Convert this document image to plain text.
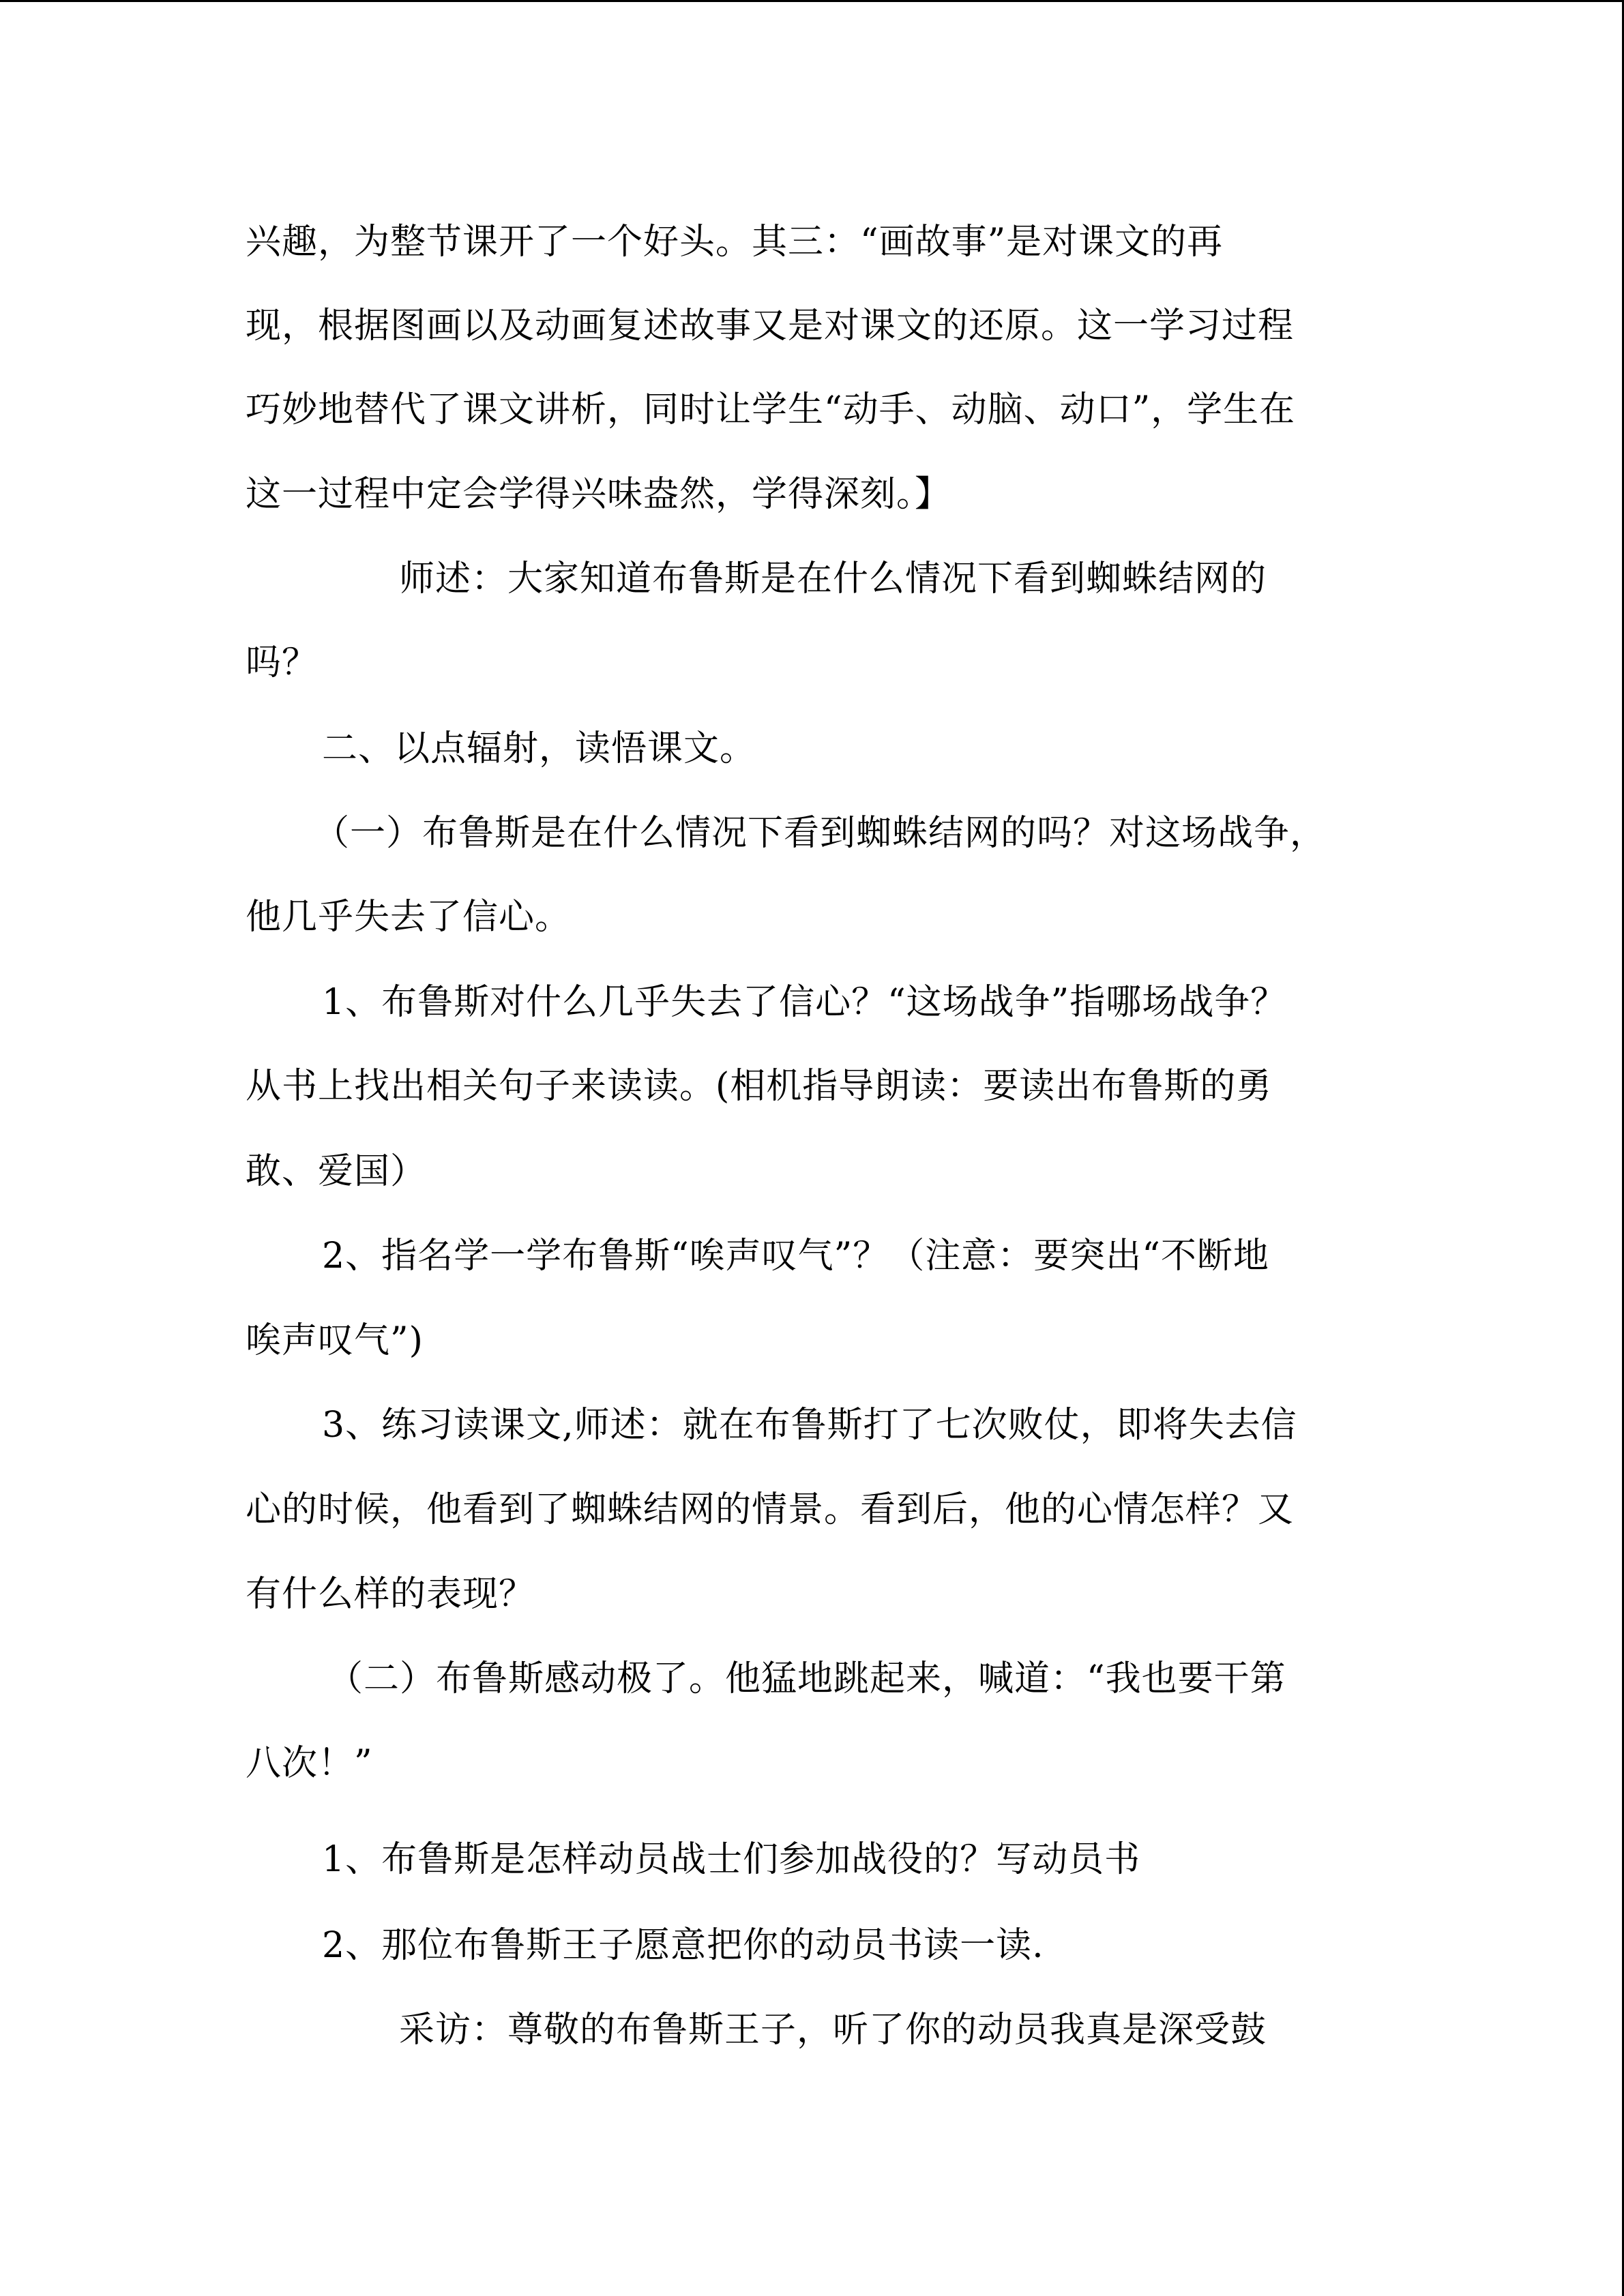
兴趣，为整节课开了一个好头。其三：“画故事”是对课文的再
现，根据图画以及动画复述故事又是对课文的还原。这一学习过程
巧妙地替代了课文讲析，同时让学生“动手、动脑、动口”，学生在
这一过程中定会学得兴味盎然，学得深刻。】
师述：大家知道布鲁斯是在什么情况下看到蜘蛛结网的
吗？
二、以点辐射，读悟课文。
（一）布鲁斯是在什么情况下看到蜘蛛结网的吗？对这场战争，
他几乎失去了信心。
1、布鲁斯对什么几乎失去了信心？“这场战争”指哪场战争？
从书上找出相关句子来读读。(相机指导朗读：要读出布鲁斯的勇
敢、爱国）
2、指名学一学布鲁斯“唉声叹气”？（注意：要突出“不断地
唉声叹气”)
3、练习读课文,师述：就在布鲁斯打了七次败仗，即将失去信
心的时候，他看到了蜘蛛结网的情景。看到后，他的心情怎样？又
有什么样的表现？
（二）布鲁斯感动极了。他猛地跳起来，喊道：“我也要干第
八次！”
1、布鲁斯是怎样动员战士们参加战役的？写动员书
2、那位布鲁斯王子愿意把你的动员书读一读.
采访：尊敬的布鲁斯王子，听了你的动员我真是深受鼓
